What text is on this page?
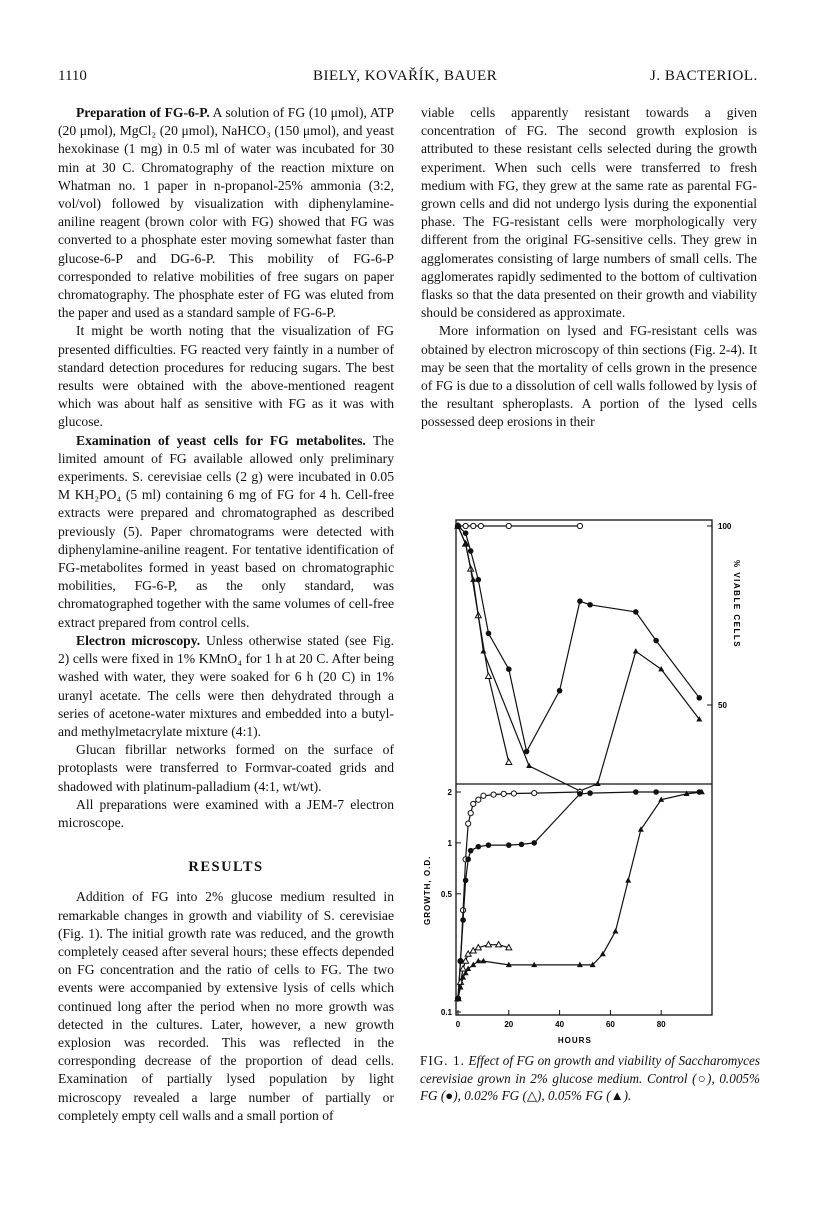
1110	BIELY, KOVAŘÍK, BAUER	J. BACTERIOL.

Preparation of FG-6-P. A solution of FG (10 μmol), ATP (20 μmol), MgCl₂ (20 μmol), NaHCO₃ (150 μmol), and yeast hexokinase (1 mg) in 0.5 ml of water was incubated for 30 min at 30 C. Chromatography of the reaction mixture on Whatman no. 1 paper in n-propanol-25% ammonia (3:2, vol/vol) followed by visualization with diphenylamine-aniline reagent (brown color with FG) showed that FG was converted to a phosphate ester moving somewhat faster than glucose-6-P and DG-6-P. This mobility of FG-6-P corresponded to relative mobilities of free sugars on paper chromatography. The phosphate ester of FG was eluted from the paper and used as a standard sample of FG-6-P.

It might be worth noting that the visualization of FG presented difficulties. FG reacted very faintly in a number of standard detection procedures for reducing sugars. The best results were obtained with the above-mentioned reagent which was about half as sensitive with FG as it was with glucose.

Examination of yeast cells for FG metabolites. The limited amount of FG available allowed only preliminary experiments. S. cerevisiae cells (2 g) were incubated in 0.05 M KH₂PO₄ (5 ml) containing 6 mg of FG for 4 h. Cell-free extracts were prepared and chromatographed as described previously (5). Paper chromatograms were detected with diphenylamine-aniline reagent. For tentative identification of FG-metabolites formed in yeast based on chromatographic mobilities, FG-6-P, as the only standard, was chromatographed together with the same volumes of cell-free extract prepared from control cells.

Electron microscopy. Unless otherwise stated (see Fig. 2) cells were fixed in 1% KMnO₄ for 1 h at 20 C. After being washed with water, they were soaked for 6 h (20 C) in 1% uranyl acetate. The cells were then dehydrated through a series of acetone-water mixtures and embedded into a butyl- and methylmetacrylate mixture (4:1).

Glucan fibrillar networks formed on the surface of protoplasts were transferred to Formvar-coated grids and shadowed with platinum-palladium (4:1, wt/wt).

All preparations were examined with a JEM-7 electron microscope.

RESULTS

Addition of FG into 2% glucose medium resulted in remarkable changes in growth and viability of S. cerevisiae (Fig. 1). The initial growth rate was reduced, and the growth completely ceased after several hours; these effects depended on FG concentration and the ratio of cells to FG. The two events were accompanied by extensive lysis of cells which continued long after the period when no more growth was detected in the cultures. Later, however, a new growth explosion was recorded. This was reflected in the corresponding decrease of the proportion of dead cells. Examination of partially lysed population by light microscopy revealed a large number of partially or completely empty cell walls and a small portion of

viable cells apparently resistant towards a given concentration of FG. The second growth explosion is attributed to these resistant cells selected during the growth experiment. When such cells were transferred to fresh medium with FG, they grew at the same rate as parental FG-grown cells and did not undergo lysis during the exponential phase. The FG-resistant cells were morphologically very different from the original FG-sensitive cells. They grew in agglomerates consisting of large numbers of small cells. The agglomerates rapidly sedimented to the bottom of cultivation flasks so that the data presented on their growth and viability should be considered as approximate.

More information on lysed and FG-resistant cells was obtained by electron microscopy of thin sections (Fig. 2-4). It may be seen that the mortality of cells grown in the presence of FG is due to a dissolution of cell walls followed by lysis of the resultant spheroplasts. A portion of the lysed cells possessed deep erosions in their

100
50
% VIABLE CELLS
0.1
0.5
1
2
GROWTH, O.D.
0	20	40	60	80
HOURS
FIG. 1. Effect of FG on growth and viability of Saccharomyces cerevisiae grown in 2% glucose medium. Control (○), 0.005% FG (●), 0.02% FG (△), 0.05% FG (▲).
